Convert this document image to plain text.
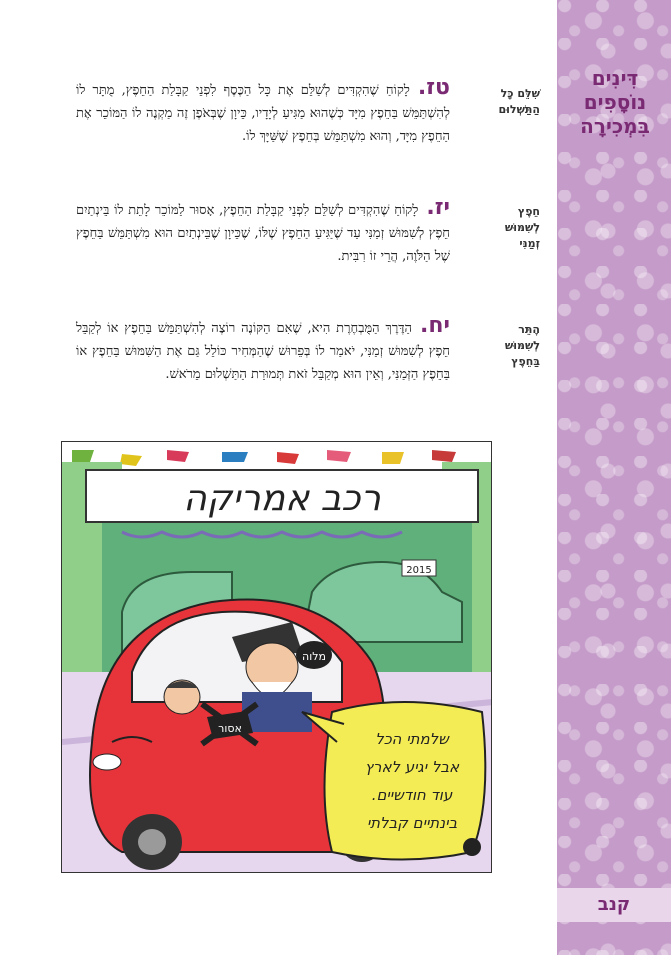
דִּינִים
נוֹסָפִים
בִּמְכִירָה
קנב
שִׁלֵּם כָּל
הַתַּשְׁלוּם
חֵפֶץ
לְשִׁמּוּשׁ
זְמַנִּי
הֶתֵּר
לְשִׁמּוּשׁ
בַּחֵפֶץ
טז.לָקוֹחַ שֶׁהִקְדִּים לְשַׁלֵּם אֶת כָּל הַכֶּסֶף לִפְנֵי קַבָּלַת הַחֵפֶץ, מֻתָּר לוֹ לְהִשְׁתַּמֵּשׁ בַּחֵפֶץ מִיָּד כְּשֶׁהוּא מַגִּיעַ לְיָדָיו, כֵּיוָן שֶׁבְּאֹפֶן זֶה מַקְנֶה לוֹ הַמּוֹכֵר אֶת הַחֵפֶץ מִיָּד, וְהוּא מִשְׁתַּמֵּשׁ בְּחֵפֶץ שֶׁשַּׁיָּךְ לוֹ.
יז.לָקוֹחַ שֶׁהִקְדִּים לְשַׁלֵּם לִפְנֵי קַבָּלַת הַחֵפֶץ, אָסוּר לַמּוֹכֵר לָתֵת לוֹ בֵּינְתַיִם חֵפֶץ לְשִׁמּוּשׁ זְמַנִּי עַד שֶׁיַּגִּיעַ הַחֵפֶץ שֶׁלּוֹ, שֶׁכֵּיוָן שֶׁבֵּינְתַיִם הוּא מִשְׁתַּמֵּשׁ בַּחֵפֶץ שֶׁל הַלֹּוֶה, הֲרֵי זוֹ רִבִּית.
יח.הַדֶּרֶךְ הַמֻּבְחֶרֶת הִיא, שֶׁאִם הַקּוֹנֶה רוֹצֶה לְהִשְׁתַּמֵּשׁ בַּחֵפֶץ אוֹ לְקַבֵּל חֵפֶץ לְשִׁמּוּשׁ זְמַנִּי, יֹאמַר לוֹ בְּפֵרוּשׁ שֶׁהַמְּחִיר כּוֹלֵל גַּם אֶת הַשִּׁמּוּשׁ בַּחֵפֶץ אוֹ בַּחֵפֶץ הַזְּמַנִּי, וְאֵין הוּא מְקַבֵּל זֹאת תְּמוּרַת הַתַּשְׁלוּם מֵרֹאשׁ.
רכב אמריקה
2015
מלוה
אסור
שלמתי הכל
אבל יגיע לארץ
עוד חודשיים.
בינתיים קבלתי
